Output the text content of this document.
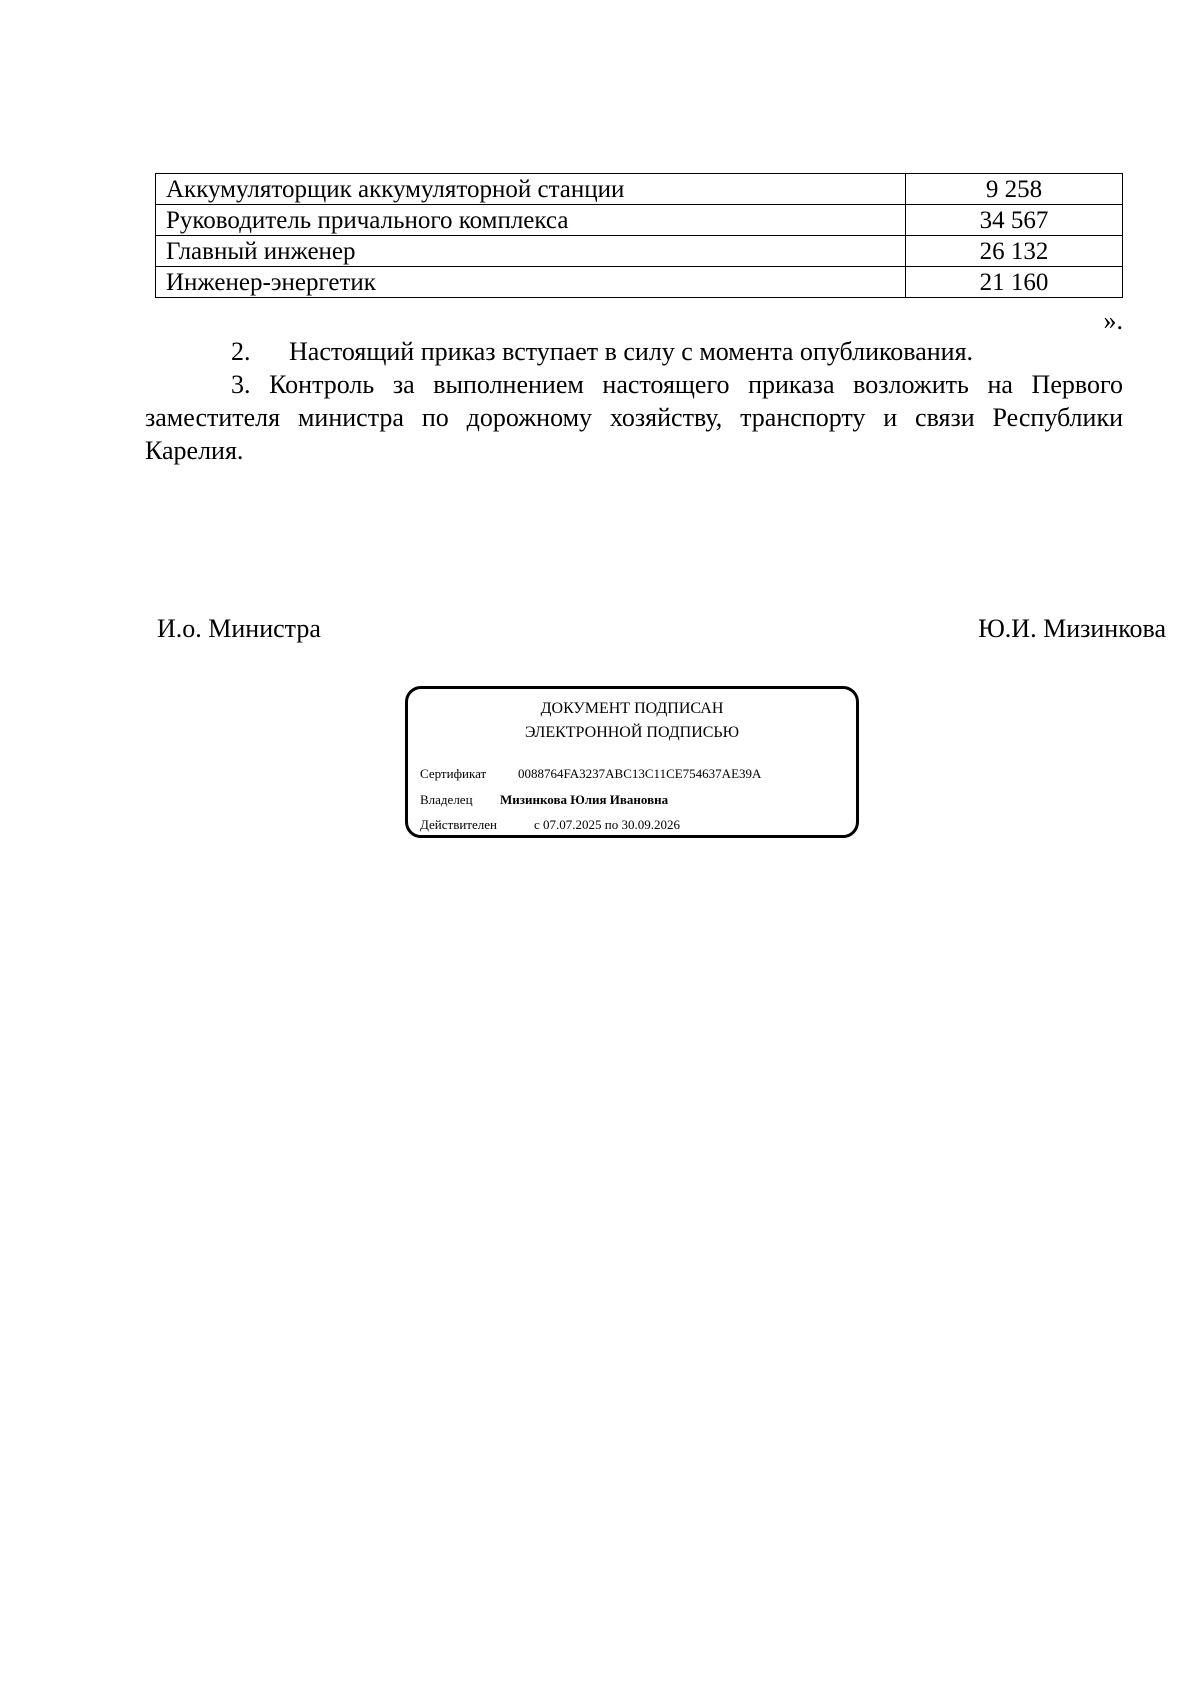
Аккумуляторщик аккумуляторной станции	9 258
Руководитель причального комплекса	34 567
Главный инженер	26 132
Инженер-энергетик	21 160
».
2. Настоящий приказ вступает в силу с момента опубликования.
3. Контроль за выполнением настоящего приказа возложить на Первого заместителя министра по дорожному хозяйству, транспорту и связи Республики Карелия.
И.о. Министра	Ю.И. Мизинкова
ДОКУМЕНТ ПОДПИСАН
ЭЛЕКТРОННОЙ ПОДПИСЬЮ
Сертификат 0088764FA3237ABC13C11CE754637AE39A
Владелец Мизинкова Юлия Ивановна
Действителен	с 07.07.2025 по 30.09.2026
